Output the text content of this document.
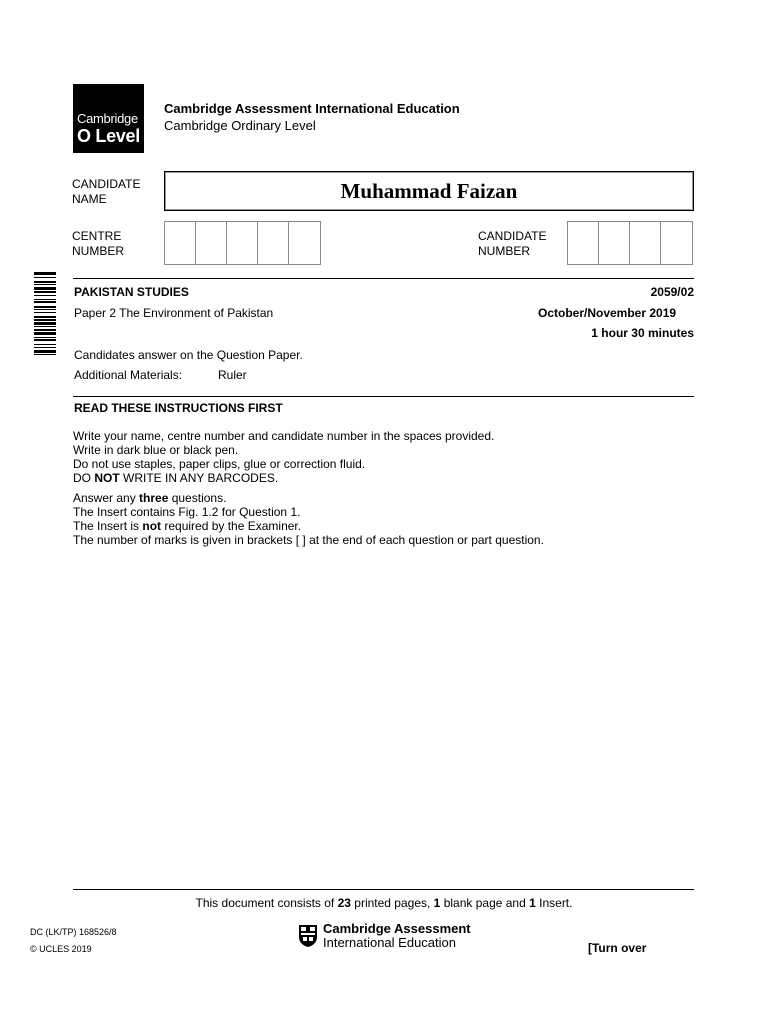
Cambridge
O Level
Cambridge Assessment International Education
Cambridge Ordinary Level
CANDIDATE
NAME	Muhammad Faizan
CENTRE
NUMBER
CANDIDATE
NUMBER
PAKISTAN STUDIES	2059/02
Paper 2 The Environment of Pakistan	October/November 2019
1 hour 30 minutes
Candidates answer on the Question Paper.
Additional Materials:	Ruler
READ THESE INSTRUCTIONS FIRST

Write your name, centre number and candidate number in the spaces provided.

Write in dark blue or black pen.

Do not use staples, paper clips, glue or correction fluid.

DO NOT WRITE IN ANY BARCODES.

Answer any three questions.

The Insert contains Fig. 1.2 for Question 1.

The Insert is not required by the Examiner.

The number of marks is given in brackets [ ] at the end of each question or part question.

This document consists of 23 printed pages, 1 blank page and 1 Insert.
DC (LK/TP) 168526/8
© UCLES 2019
Cambridge Assessment
International Education	[Turn over
